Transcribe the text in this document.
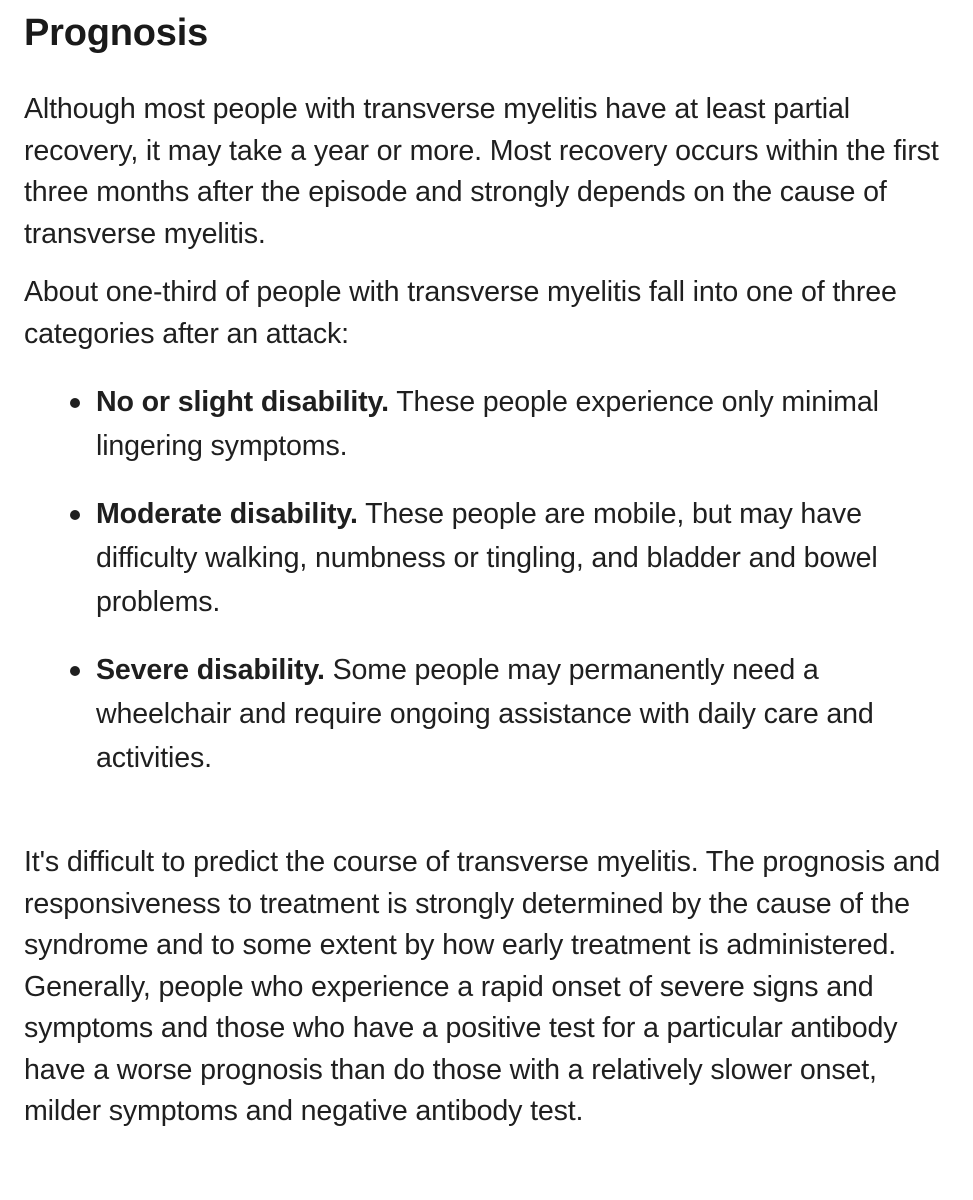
Prognosis

Although most people with transverse myelitis have at least partial recovery, it may take a year or more. Most recovery occurs within the first three months after the episode and strongly depends on the cause of transverse myelitis.

About one-third of people with transverse myelitis fall into one of three categories after an attack:

No or slight disability. These people experience only minimal lingering symptoms.
Moderate disability. These people are mobile, but may have difficulty walking, numbness or tingling, and bladder and bowel problems.
Severe disability. Some people may permanently need a wheelchair and require ongoing assistance with daily care and activities.

It's difficult to predict the course of transverse myelitis. The prognosis and responsiveness to treatment is strongly determined by the cause of the syndrome and to some extent by how early treatment is administered. Generally, people who experience a rapid onset of severe signs and symptoms and those who have a positive test for a particular antibody have a worse prognosis than do those with a relatively slower onset, milder symptoms and negative antibody test.
